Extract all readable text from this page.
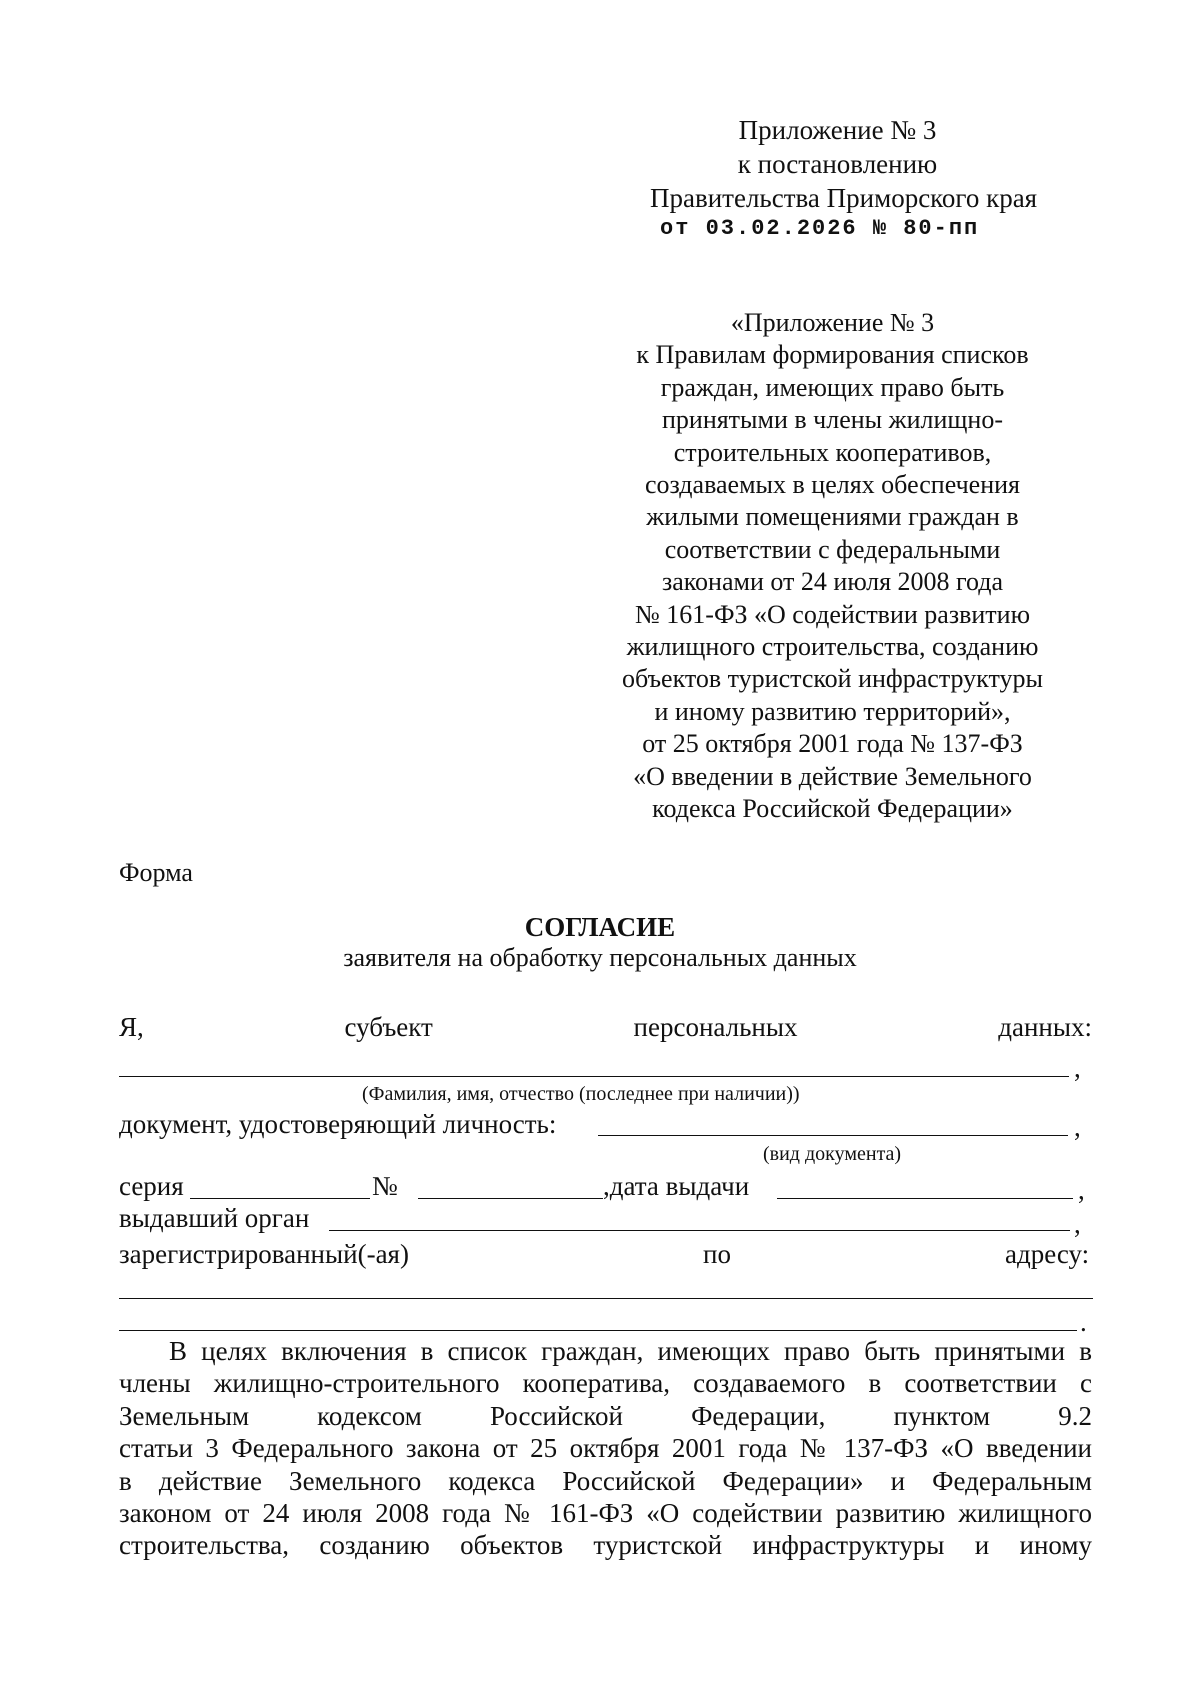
Приложение № 3
к постановлению
Правительства Приморского края
от 03.02.2026 № 80-пп
«Приложение № 3
к Правилам формирования списков
граждан, имеющих право быть
принятыми в члены жилищно-
строительных кооперативов,
создаваемых в целях обеспечения
жилыми помещениями граждан в
соответствии с федеральными
законами от 24 июля 2008 года
№ 161-ФЗ «О содействии развитию
жилищного строительства, созданию
объектов туристской инфраструктуры
и иному развитию территорий»,
от 25 октября 2001 года № 137-ФЗ
«О введении в действие Земельного
кодекса Российской Федерации»
Форма
СОГЛАСИЕ
заявителя на обработку персональных данных
Я,	субъект	персональных	данных:
,
(Фамилия, имя, отчество (последнее при наличии))
документ, удостоверяющий личность:	,
(вид документа)
серия	№	,дата выдачи	,
выдавший орган	,
зарегистрированный(-ая)	по	адресу:
.

В целях включения в список граждан, имеющих право быть принятыми в

члены жилищно-строительного кооператива, создаваемого в соответствии с

Земельным кодексом Российской Федерации, пунктом 9.2

статьи 3 Федерального закона от 25 октября 2001 года № 137-ФЗ «О введении

в действие Земельного кодекса Российской Федерации» и Федеральным

законом от 24 июля 2008 года № 161-ФЗ «О содействии развитию жилищного

строительства, созданию объектов туристской инфраструктуры и иному
